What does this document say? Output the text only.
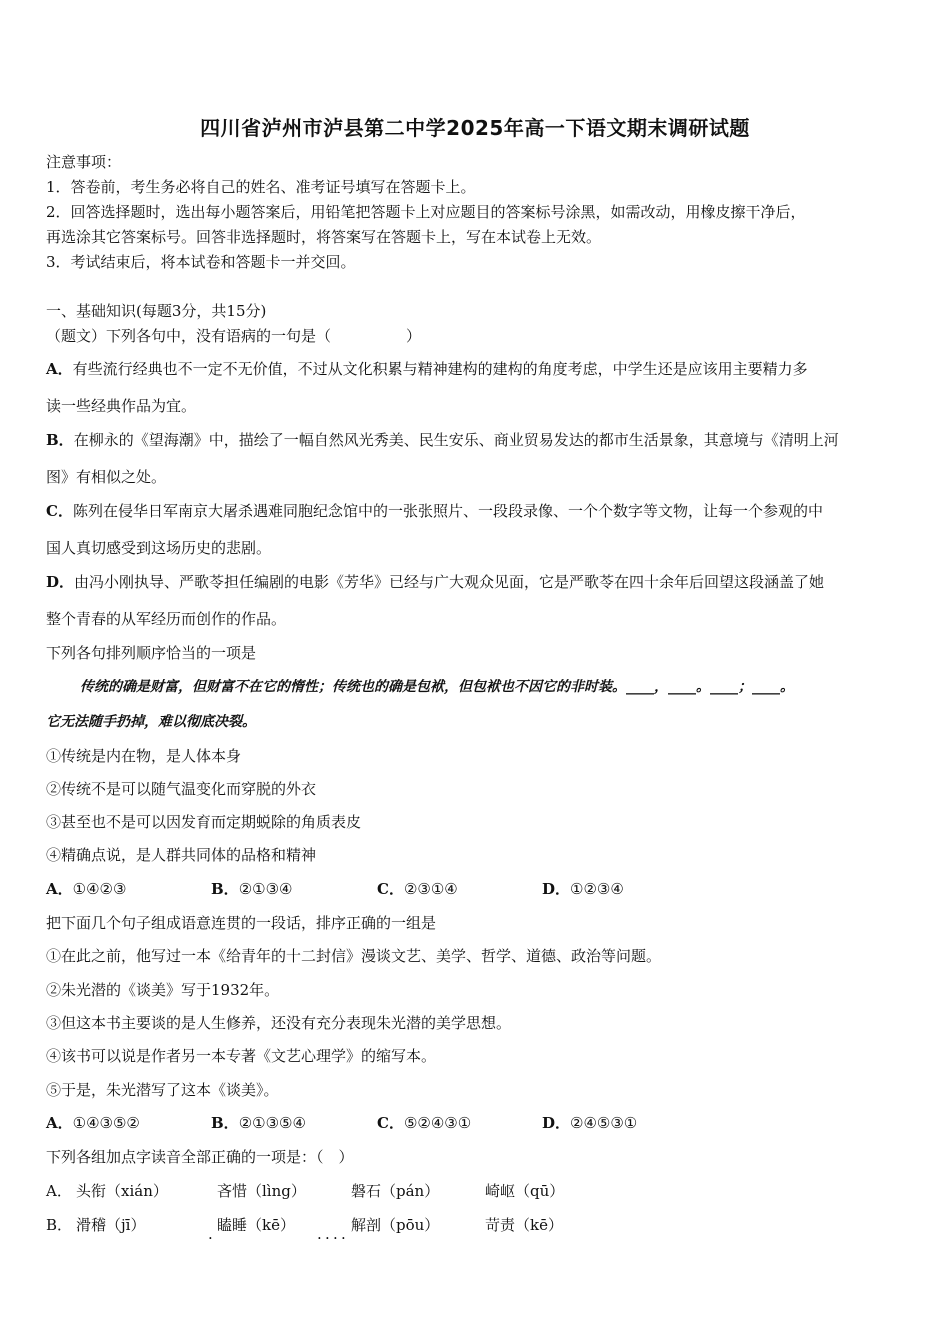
四川省泸州市泸县第二中学2025年高一下语文期末调研试题
注意事项：
1．答卷前，考生务必将自己的姓名、准考证号填写在答题卡上。
2．回答选择题时，选出每小题答案后，用铅笔把答题卡上对应题目的答案标号涂黑，如需改动，用橡皮擦干净后，
再选涂其它答案标号。回答非选择题时，将答案写在答题卡上，写在本试卷上无效。
3．考试结束后，将本试卷和答题卡一并交回。
一、基础知识(每题3分，共15分)
（题文）下列各句中，没有语病的一句是（　　　　　）
A．有些流行经典也不一定不无价值，不过从文化积累与精神建构的建构的角度考虑，中学生还是应该用主要精力多
读一些经典作品为宜。
B．在柳永的《望海潮》中，描绘了一幅自然风光秀美、民生安乐、商业贸易发达的都市生活景象，其意境与《清明上河
图》有相似之处。
C．陈列在侵华日军南京大屠杀遇难同胞纪念馆中的一张张照片、一段段录像、一个个数字等文物，让每一个参观的中
国人真切感受到这场历史的悲剧。
D．由冯小刚执导、严歌苓担任编剧的电影《芳华》已经与广大观众见面，它是严歌苓在四十余年后回望这段涵盖了她
整个青春的从军经历而创作的作品。
下列各句排列顺序恰当的一项是
传统的确是财富，但财富不在它的惰性；传统也的确是包袱，但包袱也不因它的非时装。____，____。____；____。
它无法随手扔掉，难以彻底决裂。
①传统是内在物，是人体本身
②传统不是可以随气温变化而穿脱的外衣
③甚至也不是可以因发育而定期蜕除的角质表皮
④精确点说，是人群共同体的品格和精神
A．①④②③	B．②①③④	C．②③①④	D．①②③④
把下面几个句子组成语意连贯的一段话，排序正确的一组是
①在此之前，他写过一本《给青年的十二封信》漫谈文艺、美学、哲学、道德、政治等问题。
②朱光潜的《谈美》写于1932年。
③但这本书主要谈的是人生修养，还没有充分表现朱光潜的美学思想。
④该书可以说是作者另一本专著《文艺心理学》的缩写本。
⑤于是，朱光潜写了这本《谈美》。
A．①④③⑤②	B．②①③⑤④	C．⑤②④③①	D．②④⑤③①
下列各组加点字读音全部正确的一项是：（　）
A． 头衔（xián）	吝惜（lìng）	磐石（pán）	崎岖（qū）
B． 滑稽（jī）	瞌睡（kē）	解剖（pōu）	苛责（kē）
.	. . . .
